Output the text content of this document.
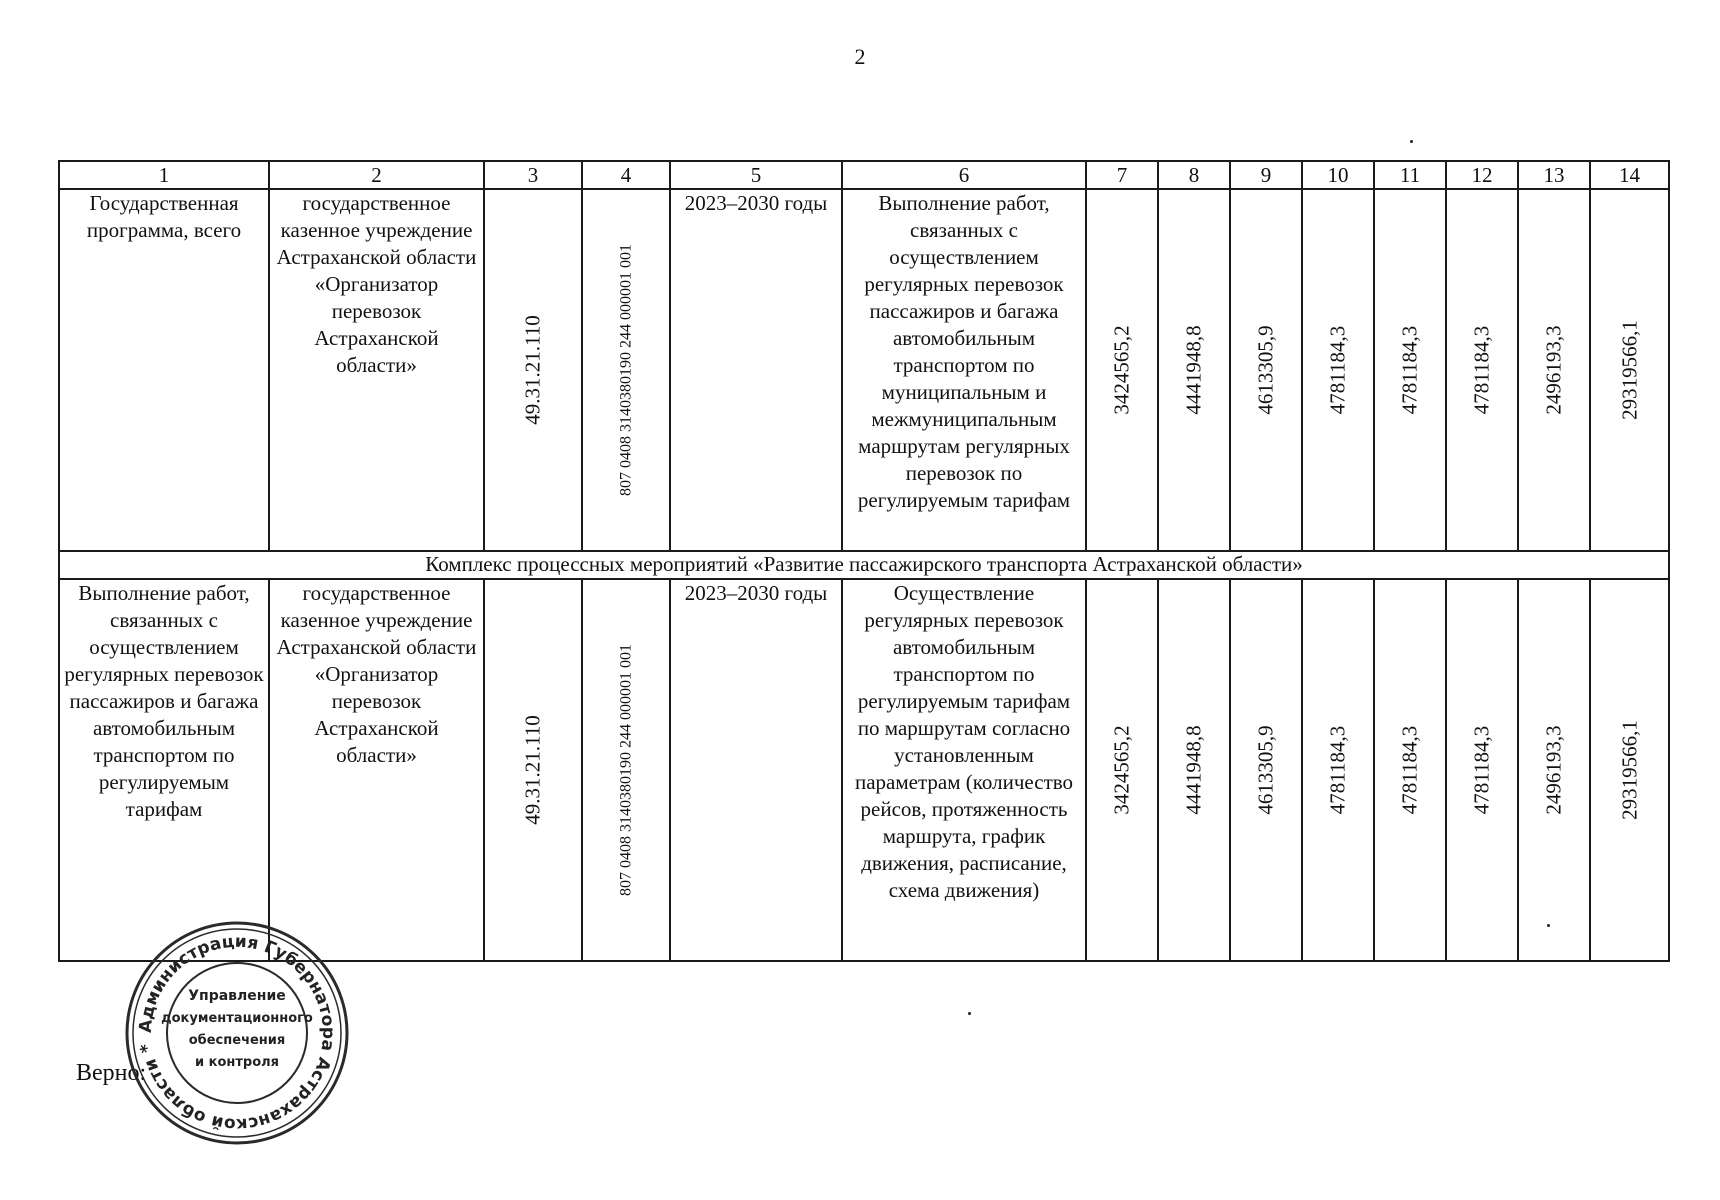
2
1	2	3	4	5	6	7	8	9	10	11	12	13	14
Государственная программа, всего	государственное казенное учреждение Астраханской области «Организатор перевозок Астраханской области»	49.31.21.110	807 0408 3140380190 244 000001 001	2023–2030 годы	Выполнение работ, связанных с осуществлением регулярных перевозок пассажиров и багажа автомобильным транспортом по муниципальным и межмуниципальным маршрутам регулярных перевозок по регулируемым тарифам	3424565,2	4441948,8	4613305,9	4781184,3	4781184,3	4781184,3	2496193,3	29319566,1

Комплекс процессных мероприятий «Развитие пассажирского транспорта Астраханской области»													
Выполнение работ, связанных с осуществлением регулярных перевозок пассажиров и багажа автомобильным транспортом по регулируемым тарифам	государственное казенное учреждение Астраханской области «Организатор перевозок Астраханской области»	49.31.21.110	807 0408 3140380190 244 000001 001	2023–2030 годы	Осуществление регулярных перевозок автомобильным транспортом по регулируемым тарифам по маршрутам согласно установленным параметрам (количество рейсов, протяженность маршрута, график движения, расписание, схема движения)	3424565,2	4441948,8	4613305,9	4781184,3	4781184,3	4781184,3	2496193,3	29319566,1
Верно:
Администрация Губернатора Астраханской области *
Управление
документационного
обеспечения
и контроля
